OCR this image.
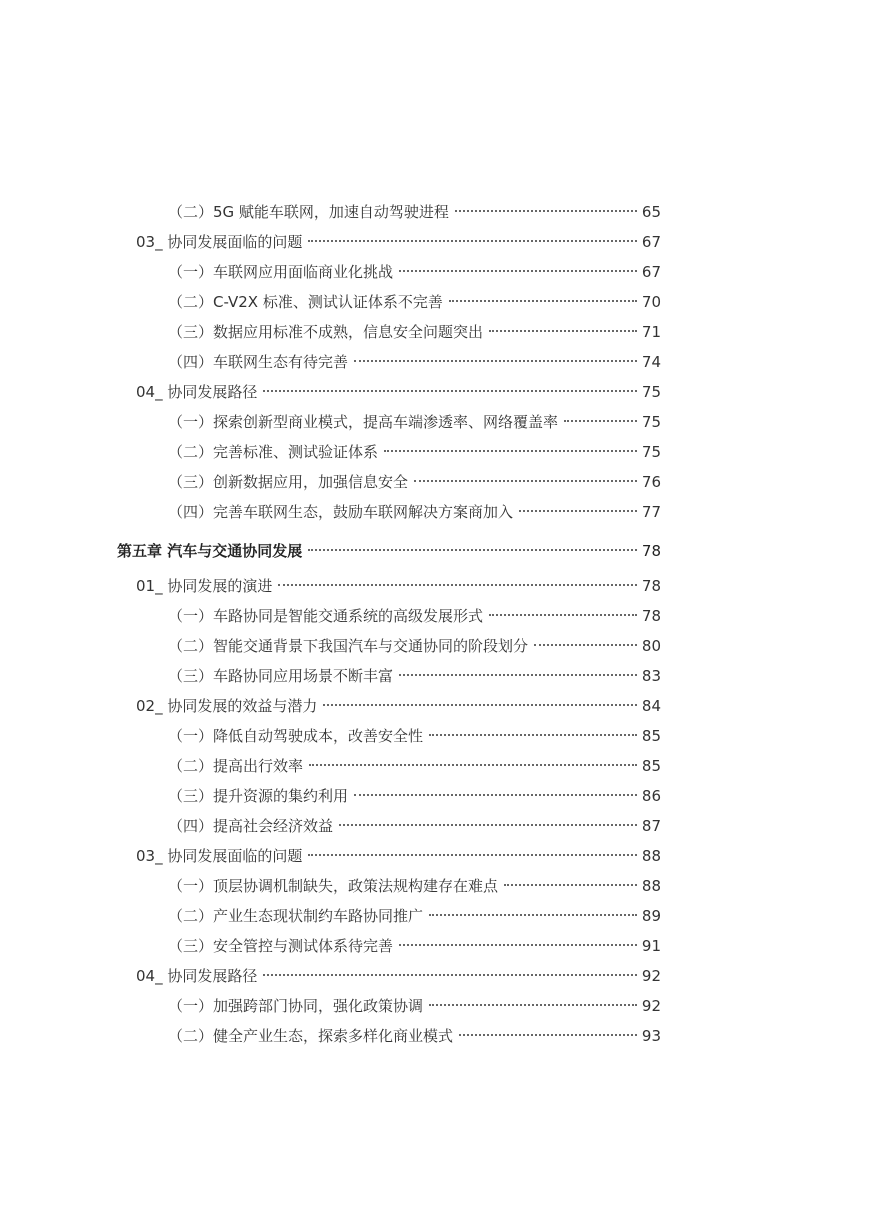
（二）5G 赋能车联网，加速自动驾驶进程	65
03_ 协同发展面临的问题	67
（一）车联网应用面临商业化挑战	67
（二）C-V2X 标准、测试认证体系不完善	70
（三）数据应用标准不成熟，信息安全问题突出	71
（四）车联网生态有待完善	74
04_ 协同发展路径	75
（一）探索创新型商业模式，提高车端渗透率、网络覆盖率	75
（二）完善标准、测试验证体系	75
（三）创新数据应用，加强信息安全	76
（四）完善车联网生态，鼓励车联网解决方案商加入	77
第五章 汽车与交通协同发展	78
01_ 协同发展的演进	78
（一）车路协同是智能交通系统的高级发展形式	78
（二）智能交通背景下我国汽车与交通协同的阶段划分	80
（三）车路协同应用场景不断丰富	83
02_ 协同发展的效益与潜力	84
（一）降低自动驾驶成本，改善安全性	85
（二）提高出行效率	85
（三）提升资源的集约利用	86
（四）提高社会经济效益	87
03_ 协同发展面临的问题	88
（一）顶层协调机制缺失，政策法规构建存在难点	88
（二）产业生态现状制约车路协同推广	89
（三）安全管控与测试体系待完善	91
04_ 协同发展路径	92
（一）加强跨部门协同，强化政策协调	92
（二）健全产业生态，探索多样化商业模式	93
